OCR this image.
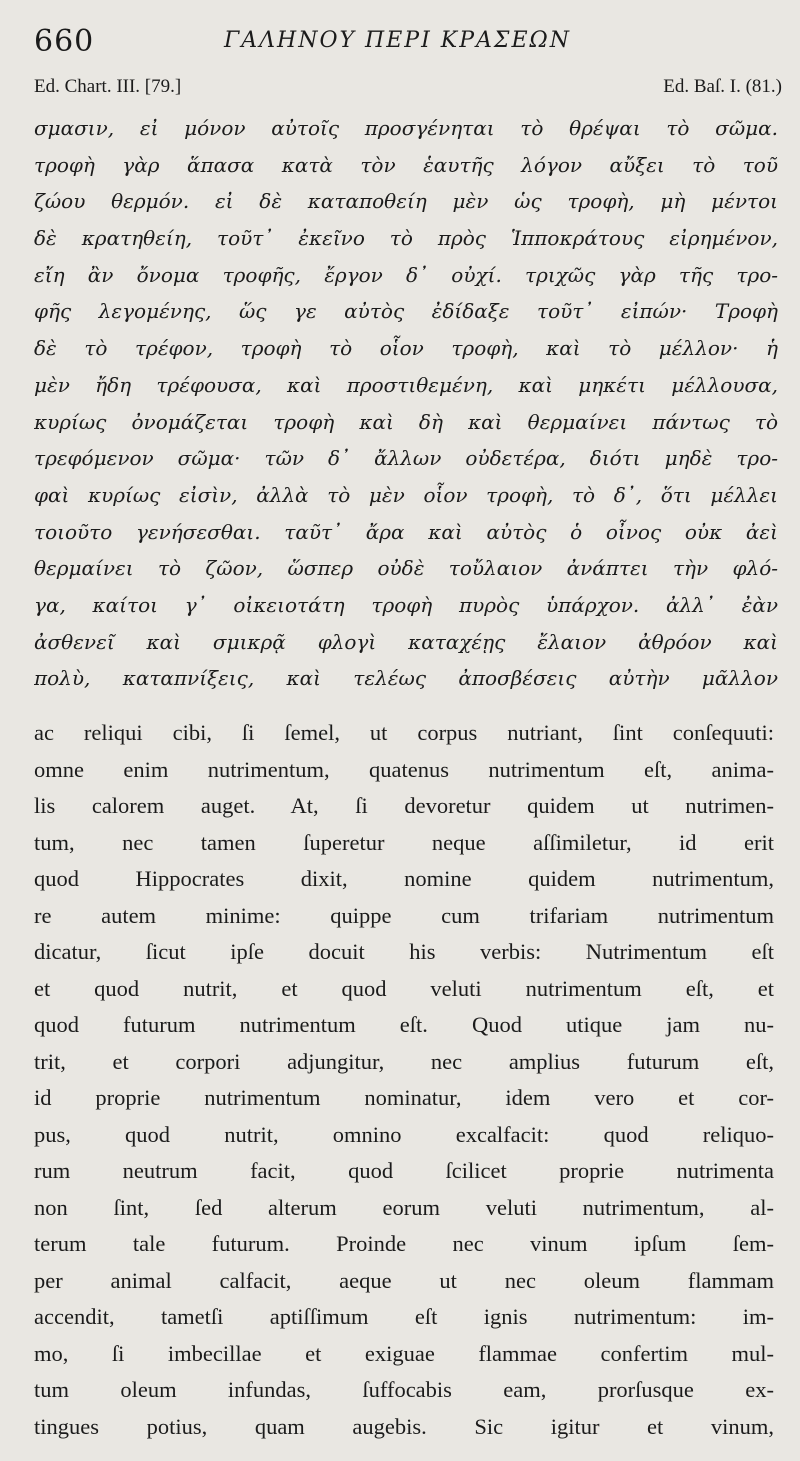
660	ΓΑΛΗΝΟΥ ΠΕΡΙ ΚΡΑΣΕΩΝ
Ed. Chart. III. [79.]	Ed. Baſ. I. (81.)
σμασιν, εἰ μόνον αὐτοῖς προσγένηται τὸ θρέψαι τὸ σῶμα.
τροφὴ γὰρ ἅπασα κατὰ τὸν ἑαυτῆς λόγον αὔξει τὸ τοῦ
ζώου θερμόν. εἰ δὲ καταποθείη μὲν ὡς τροφὴ, μὴ μέντοι
δὲ κρατηθείη, τοῦτ᾽ ἐκεῖνο τὸ πρὸς Ἱπποκράτους εἰρημένον,
εἴη ἂν ὄνομα τροφῆς, ἔργον δ᾽ οὐχί. τριχῶς γὰρ τῆς τρο-
φῆς λεγομένης, ὥς γε αὐτὸς ἐδίδαξε τοῦτ᾽ εἰπών· Τροφὴ
δὲ τὸ τρέφον, τροφὴ τὸ οἷον τροφὴ, καὶ τὸ μέλλον· ἡ
μὲν ἤδη τρέφουσα, καὶ προστιθεμένη, καὶ μηκέτι μέλλουσα,
κυρίως ὀνομάζεται τροφὴ καὶ δὴ καὶ θερμαίνει πάντως τὸ
τρεφόμενον σῶμα· τῶν δ᾽ ἄλλων οὐδετέρα, διότι μηδὲ τρο-
φαὶ κυρίως εἰσὶν, ἀλλὰ τὸ μὲν οἷον τροφὴ, τὸ δ᾽, ὅτι μέλλει
τοιοῦτο γενήσεσθαι. ταῦτ᾽ ἄρα καὶ αὐτὸς ὁ οἶνος οὐκ ἀεὶ
θερμαίνει τὸ ζῶον, ὥσπερ οὐδὲ τοὔλαιον ἀνάπτει τὴν φλό-
γα, καίτοι γ᾽ οἰκειοτάτη τροφὴ πυρὸς ὑπάρχον. ἀλλ᾽ ἐὰν
ἀσθενεῖ καὶ σμικρᾷ φλογὶ καταχέῃς ἔλαιον ἀθρόον καὶ
πολὺ, καταπνίξεις, καὶ τελέως ἀποσβέσεις αὐτὴν μᾶλλον
ac reliqui cibi, ſi ſemel, ut corpus nutriant, ſint conſequuti:
omne enim nutrimentum, quatenus nutrimentum eſt, anima-
lis calorem auget. At, ſi devoretur quidem ut nutrimen-
tum, nec tamen ſuperetur neque aſſimiletur, id erit
quod Hippocrates dixit, nomine quidem nutrimentum,
re autem minime: quippe cum trifariam nutrimentum
dicatur, ſicut ipſe docuit his verbis: Nutrimentum eſt
et quod nutrit, et quod veluti nutrimentum eſt, et
quod futurum nutrimentum eſt. Quod utique jam nu-
trit, et corpori adjungitur, nec amplius futurum eſt,
id proprie nutrimentum nominatur, idem vero et cor-
pus, quod nutrit, omnino excalfacit: quod reliquo-
rum neutrum facit, quod ſcilicet proprie nutrimenta
non ſint, ſed alterum eorum veluti nutrimentum, al-
terum tale futurum. Proinde nec vinum ipſum ſem-
per animal calfacit, aeque ut nec oleum flammam
accendit, tametſi aptiſſimum eſt ignis nutrimentum: im-
mo, ſi imbecillae et exiguae flammae confertim mul-
tum oleum infundas, ſuffocabis eam, prorſusque ex-
tingues potius, quam augebis. Sic igitur et vinum,
